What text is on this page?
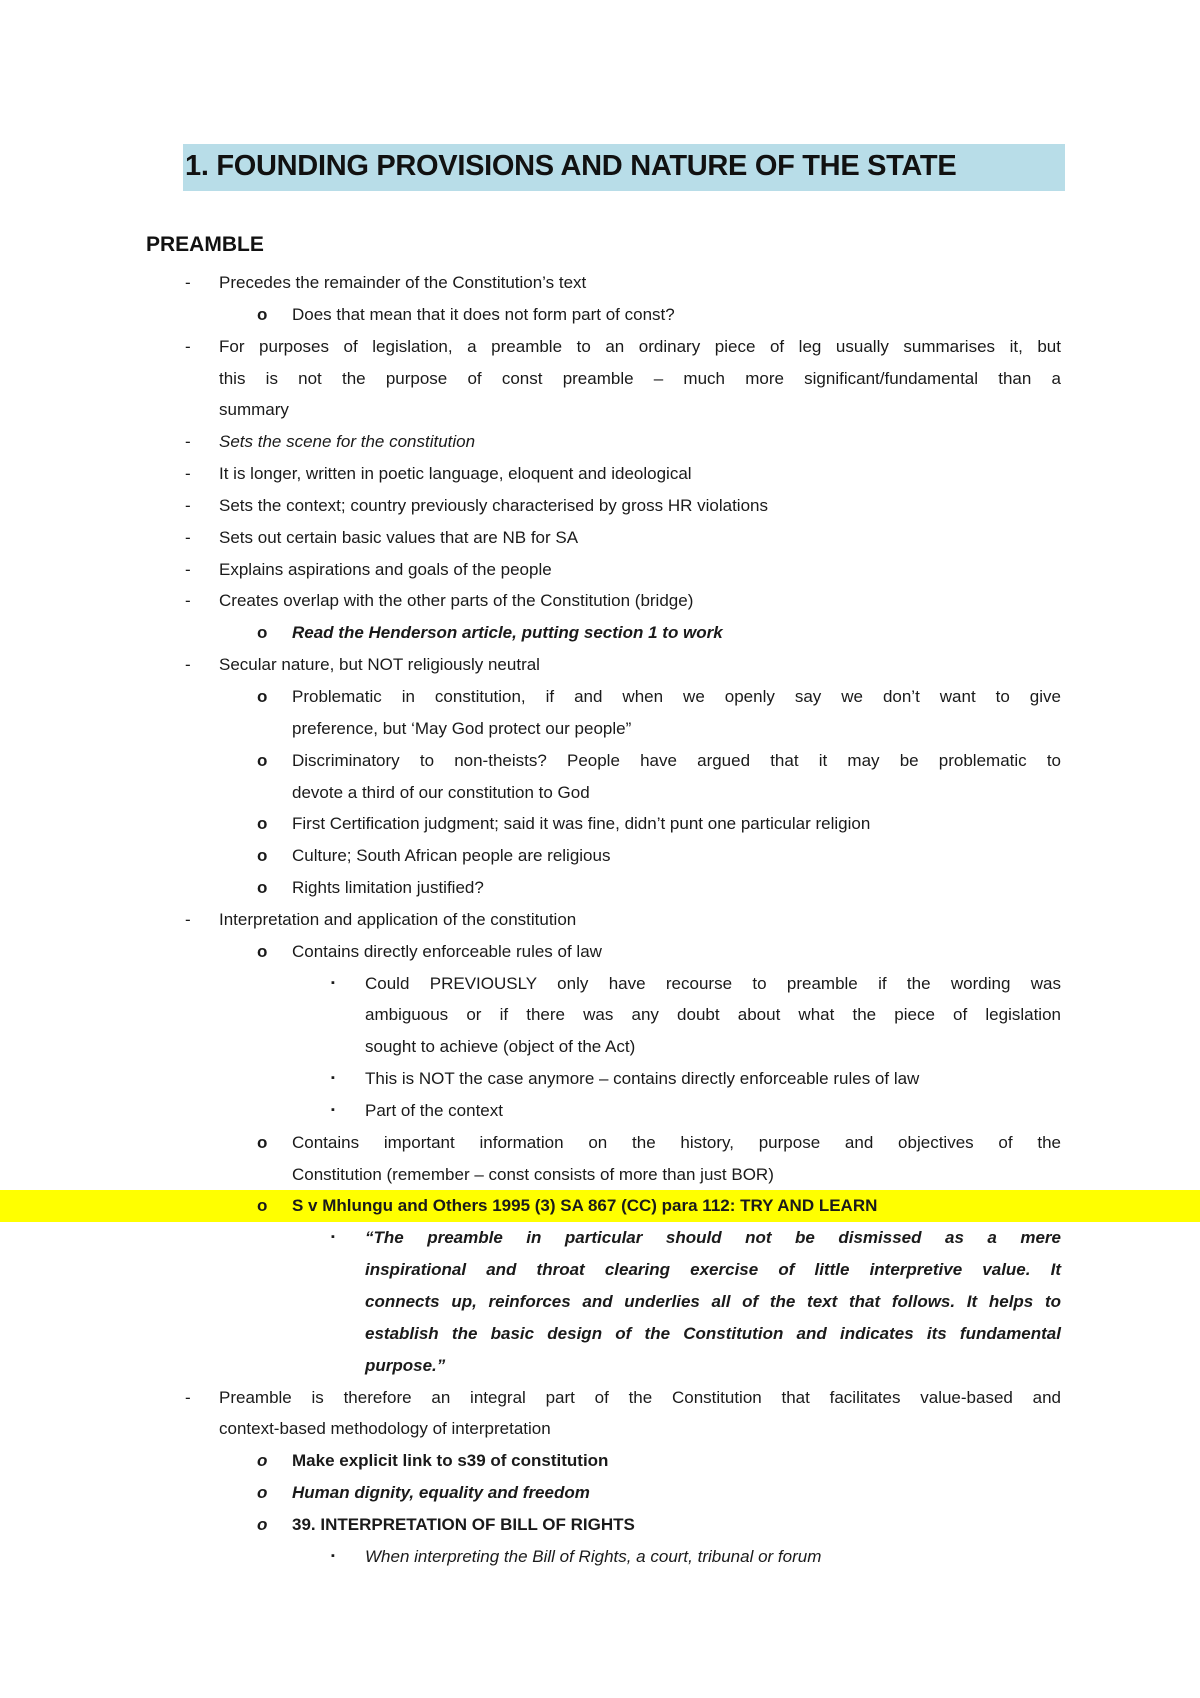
1. FOUNDING PROVISIONS AND NATURE OF THE STATE
PREAMBLE
- Precedes the remainder of the Constitution’s text
o Does that mean that it does not form part of const?
- For purposes of legislation, a preamble to an ordinary piece of leg usually summarises it, but
this is not the purpose of const preamble – much more significant/fundamental than a
summary
- Sets the scene for the constitution
- It is longer, written in poetic language, eloquent and ideological
- Sets the context; country previously characterised by gross HR violations
- Sets out certain basic values that are NB for SA
- Explains aspirations and goals of the people
- Creates overlap with the other parts of the Constitution (bridge)
o Read the Henderson article, putting section 1 to work
- Secular nature, but NOT religiously neutral
o Problematic in constitution, if and when we openly say we don’t want to give
preference, but ‘May God protect our people”
o Discriminatory to non-theists? People have argued that it may be problematic to
devote a third of our constitution to God
o First Certification judgment; said it was fine, didn’t punt one particular religion
o Culture; South African people are religious
o Rights limitation justified?
- Interpretation and application of the constitution
o Contains directly enforceable rules of law
▪ Could PREVIOUSLY only have recourse to preamble if the wording was
ambiguous or if there was any doubt about what the piece of legislation
sought to achieve (object of the Act)
▪ This is NOT the case anymore – contains directly enforceable rules of law
▪ Part of the context
o Contains important information on the history, purpose and objectives of the
Constitution (remember – const consists of more than just BOR)
o S v Mhlungu and Others 1995 (3) SA 867 (CC) para 112: TRY AND LEARN
▪ “The preamble in particular should not be dismissed as a mere
inspirational and throat clearing exercise of little interpretive value. It
connects up, reinforces and underlies all of the text that follows. It helps to
establish the basic design of the Constitution and indicates its fundamental
purpose.”
- Preamble is therefore an integral part of the Constitution that facilitates value-based and
context-based methodology of interpretation
o Make explicit link to s39 of constitution
o Human dignity, equality and freedom
o 39. INTERPRETATION OF BILL OF RIGHTS
▪ When interpreting the Bill of Rights, a court, tribunal or forum
